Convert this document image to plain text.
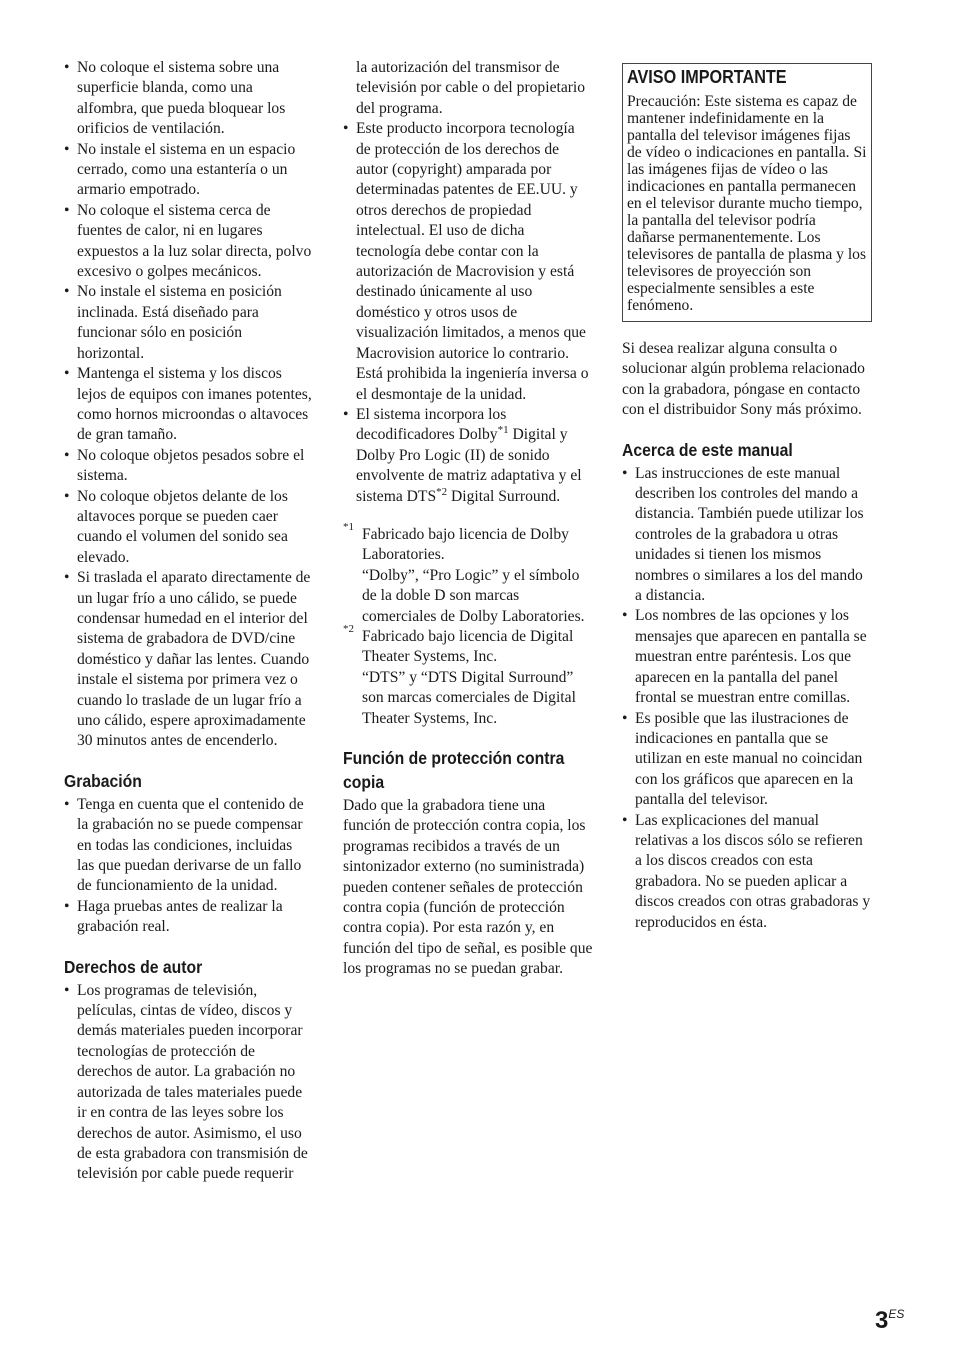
• No coloque el sistema sobre una superficie blanda, como una alfombra, que pueda bloquear los orificios de ventilación.
• No instale el sistema en un espacio cerrado, como una estantería o un armario empotrado.
• No coloque el sistema cerca de fuentes de calor, ni en lugares expuestos a la luz solar directa, polvo excesivo o golpes mecánicos.
• No instale el sistema en posición inclinada. Está diseñado para funcionar sólo en posición horizontal.
• Mantenga el sistema y los discos lejos de equipos con imanes potentes, como hornos microondas o altavoces de gran tamaño.
• No coloque objetos pesados sobre el sistema.
• No coloque objetos delante de los altavoces porque se pueden caer cuando el volumen del sonido sea elevado.
• Si traslada el aparato directamente de un lugar frío a uno cálido, se puede condensar humedad en el interior del sistema de grabadora de DVD/cine doméstico y dañar las lentes. Cuando instale el sistema por primera vez o cuando lo traslade de un lugar frío a uno cálido, espere aproximadamente 30 minutos antes de encenderlo.
Grabación
• Tenga en cuenta que el contenido de la grabación no se puede compensar en todas las condiciones, incluidas las que puedan derivarse de un fallo de funcionamiento de la unidad.
• Haga pruebas antes de realizar la grabación real.
Derechos de autor
• Los programas de televisión, películas, cintas de vídeo, discos y demás materiales pueden incorporar tecnologías de protección de derechos de autor. La grabación no autorizada de tales materiales puede ir en contra de las leyes sobre los derechos de autor. Asimismo, el uso de esta grabadora con transmisión de televisión por cable puede requerir

la autorización del transmisor de televisión por cable o del propietario del programa.

• Este producto incorpora tecnología de protección de los derechos de autor (copyright) amparada por determinadas patentes de EE.UU. y otros derechos de propiedad intelectual. El uso de dicha tecnología debe contar con la autorización de Macrovision y está destinado únicamente al uso doméstico y otros usos de visualización limitados, a menos que Macrovision autorice lo contrario. Está prohibida la ingeniería inversa o el desmontaje de la unidad.
• El sistema incorpora los decodificadores Dolby$^{*1}$ Digital y Dolby Pro Logic (II) de sonido envolvente de matriz adaptativa y el sistema DTS$^{*2}$ Digital Surround.
*1 Fabricado bajo licencia de Dolby Laboratories.

“Dolby”, “Pro Logic” y el símbolo de la doble D son marcas comerciales de Dolby Laboratories.

*2 Fabricado bajo licencia de Digital Theater Systems, Inc.

“DTS” y “DTS Digital Surround” son marcas comerciales de Digital Theater Systems, Inc.

Función de protección contra copia

Dado que la grabadora tiene una función de protección contra copia, los programas recibidos a través de un sintonizador externo (no suministrada) pueden contener señales de protección contra copia (función de protección contra copia). Por esta razón y, en función del tipo de señal, es posible que los programas no se puedan grabar.

AVISO IMPORTANTE

Precaución: Este sistema es capaz de mantener indefinidamente en la pantalla del televisor imágenes fijas de vídeo o indicaciones en pantalla. Si las imágenes fijas de vídeo o las indicaciones en pantalla permanecen en el televisor durante mucho tiempo, la pantalla del televisor podría dañarse permanentemente. Los televisores de pantalla de plasma y los televisores de proyección son especialmente sensibles a este fenómeno.

Si desea realizar alguna consulta o solucionar algún problema relacionado con la grabadora, póngase en contacto con el distribuidor Sony más próximo.

Acerca de este manual
• Las instrucciones de este manual describen los controles del mando a distancia. También puede utilizar los controles de la grabadora u otras unidades si tienen los mismos nombres o similares a los del mando a distancia.
• Los nombres de las opciones y los mensajes que aparecen en pantalla se muestran entre paréntesis. Los que aparecen en la pantalla del panel frontal se muestran entre comillas.
• Es posible que las ilustraciones de indicaciones en pantalla que se utilizan en este manual no coincidan con los gráficos que aparecen en la pantalla del televisor.
• Las explicaciones del manual relativas a los discos sólo se refieren a los discos creados con esta grabadora. No se pueden aplicar a discos creados con otras grabadoras y reproducidos en ésta.
$3^{ES}$
